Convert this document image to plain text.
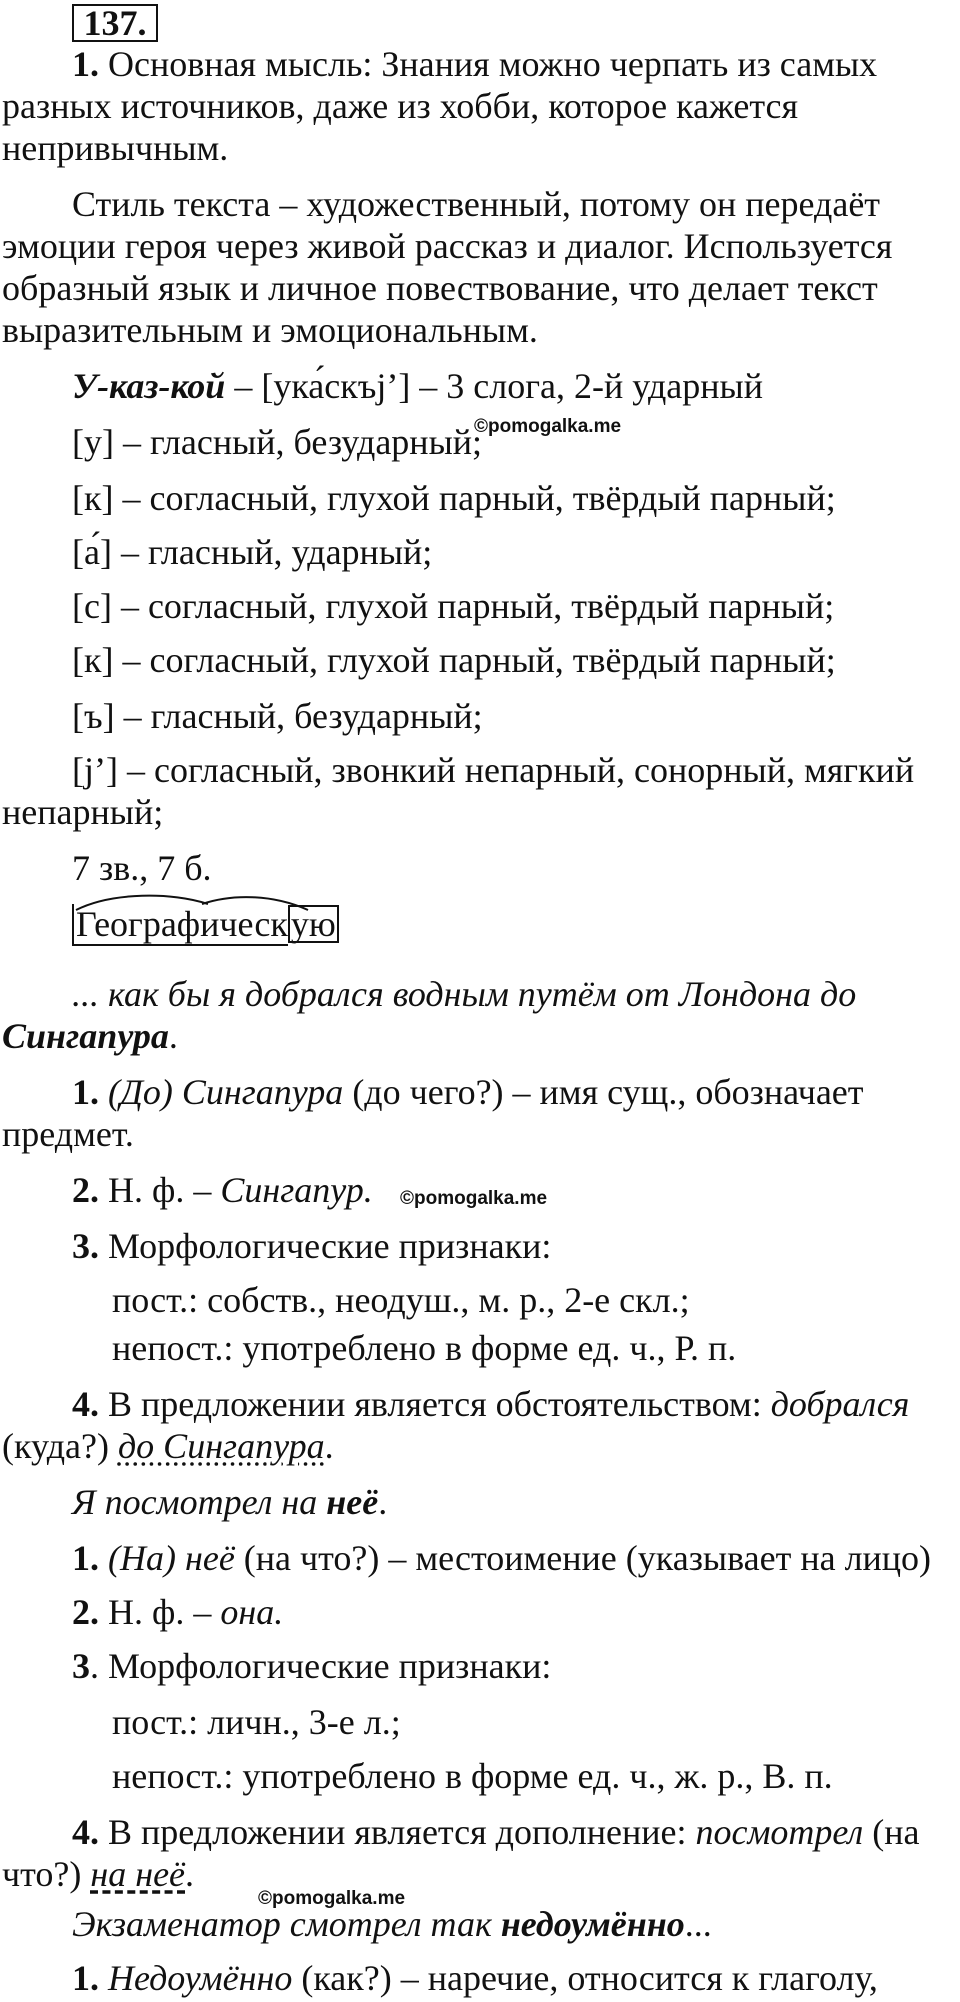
137.
1. Основная мысль: Знания можно черпать из самых
разных источников, даже из хобби, которое кажется
непривычным.
Стиль текста – художественный, потому он передаёт
эмоции героя через живой рассказ и диалог. Используется
образный язык и личное повествование, что делает текст
выразительным и эмоциональным.
У-каз-кой – [ука́скъj’] – 3 слога, 2-й ударный
[у] – гласный, безударный;
©pomogalka.me
[к] – согласный, глухой парный, твёрдый парный;
[а́] – гласный, ударный;
[с] – согласный, глухой парный, твёрдый парный;
[к] – согласный, глухой парный, твёрдый парный;
[ъ] – гласный, безударный;
[j’] – согласный, звонкий непарный, сонорный, мягкий
непарный;
7 зв., 7 б.
Географическую
... как бы я добрался водным путём от Лондона до
Сингапура.
1. (До) Сингапура (до чего?) – имя сущ., обозначает
предмет.
2. Н. ф. – Сингапур. ©pomogalka.me
3. Морфологические признаки:
пост.: собств., неодуш., м. р., 2-е скл.;
непост.: употреблено в форме ед. ч., Р. п.
4. В предложении является обстоятельством: добрался
(куда?) до Сингапура.
Я посмотрел на неё.
1. (На) неё (на что?) – местоимение (указывает на лицо)
2. Н. ф. – она.
3. Морфологические признаки:
пост.: личн., 3-е л.;
непост.: употреблено в форме ед. ч., ж. р., В. п.
4. В предложении является дополнение: посмотрел (на
что?) на неё.
©pomogalka.me
Экзаменатор смотрел так недоумённо...
1. Недоумённо (как?) – наречие, относится к глаголу,
